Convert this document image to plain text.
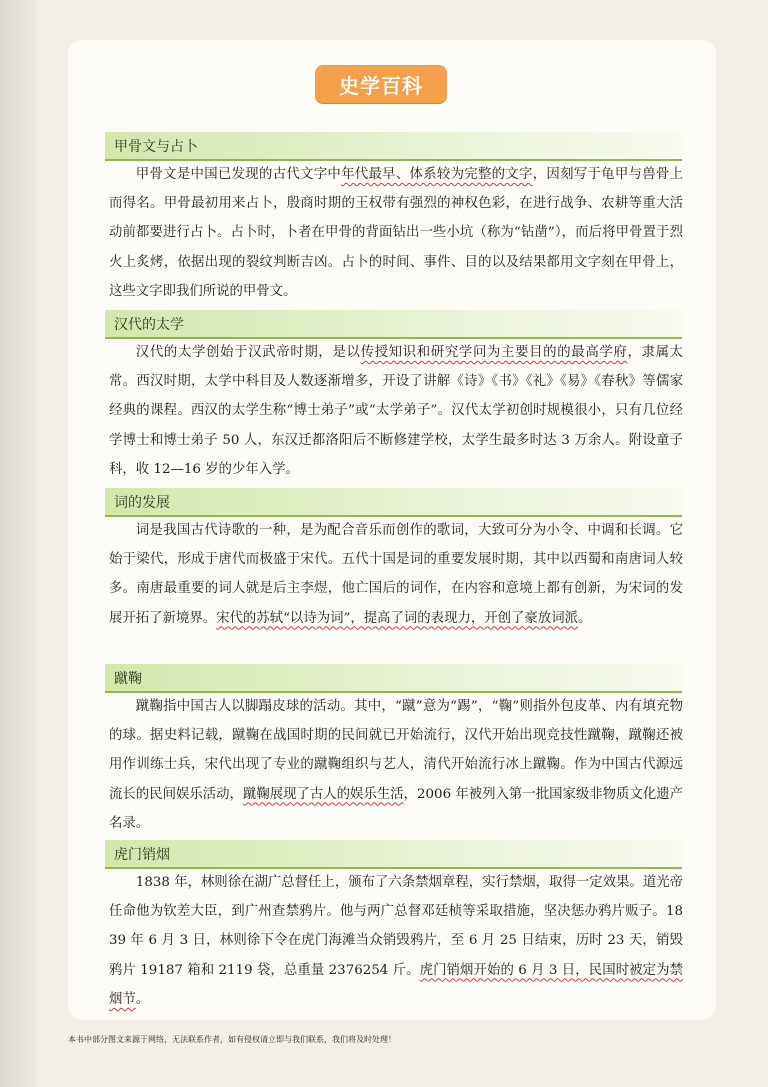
史学百科
甲骨文与占卜

甲骨文是中国已发现的古代文字中年代最早、体系较为完整的文字，因刻写于龟甲与兽骨上而得名。甲骨最初用来占卜，殷商时期的王权带有强烈的神权色彩，在进行战争、农耕等重大活动前都要进行占卜。占卜时，卜者在甲骨的背面钻出一些小坑（称为“钻凿”），而后将甲骨置于烈火上炙烤，依据出现的裂纹判断吉凶。占卜的时间、事件、目的以及结果都用文字刻在甲骨上，这些文字即我们所说的甲骨文。

汉代的太学

汉代的太学创始于汉武帝时期，是以传授知识和研究学问为主要目的的最高学府，隶属太常。西汉时期，太学中科目及人数逐渐增多，开设了讲解《诗》《书》《礼》《易》《春秋》等儒家经典的课程。西汉的太学生称“博士弟子”或“太学弟子”。汉代太学初创时规模很小，只有几位经学博士和博士弟子 50 人，东汉迁都洛阳后不断修建学校，太学生最多时达 3 万余人。附设童子科，收 12—16 岁的少年入学。

词的发展

词是我国古代诗歌的一种，是为配合音乐而创作的歌词，大致可分为小令、中调和长调。它始于梁代，形成于唐代而极盛于宋代。五代十国是词的重要发展时期，其中以西蜀和南唐词人较多。南唐最重要的词人就是后主李煜，他亡国后的词作，在内容和意境上都有创新，为宋词的发展开拓了新境界。宋代的苏轼“以诗为词”，提高了词的表现力，开创了豪放词派。

蹴鞠

蹴鞠指中国古人以脚蹋皮球的活动。其中，“蹴”意为“踢”，“鞠”则指外包皮革、内有填充物的球。据史料记载，蹴鞠在战国时期的民间就已开始流行，汉代开始出现竞技性蹴鞠，蹴鞠还被用作训练士兵，宋代出现了专业的蹴鞠组织与艺人，清代开始流行冰上蹴鞠。作为中国古代源远流长的民间娱乐活动，蹴鞠展现了古人的娱乐生活，2006 年被列入第一批国家级非物质文化遗产名录。

虎门销烟

1838 年，林则徐在湖广总督任上，颁布了六条禁烟章程，实行禁烟，取得一定效果。道光帝任命他为钦差大臣，到广州查禁鸦片。他与两广总督邓廷桢等采取措施，坚决惩办鸦片贩子。1839 年 6 月 3 日，林则徐下令在虎门海滩当众销毁鸦片，至 6 月 25 日结束，历时 23 天，销毁鸦片 19187 箱和 2119 袋，总重量 2376254 斤。虎门销烟开始的 6 月 3 日，民国时被定为禁烟节。

本书中部分图文来源于网络，无法联系作者，如有侵权请立即与我们联系，我们将及时处理！
